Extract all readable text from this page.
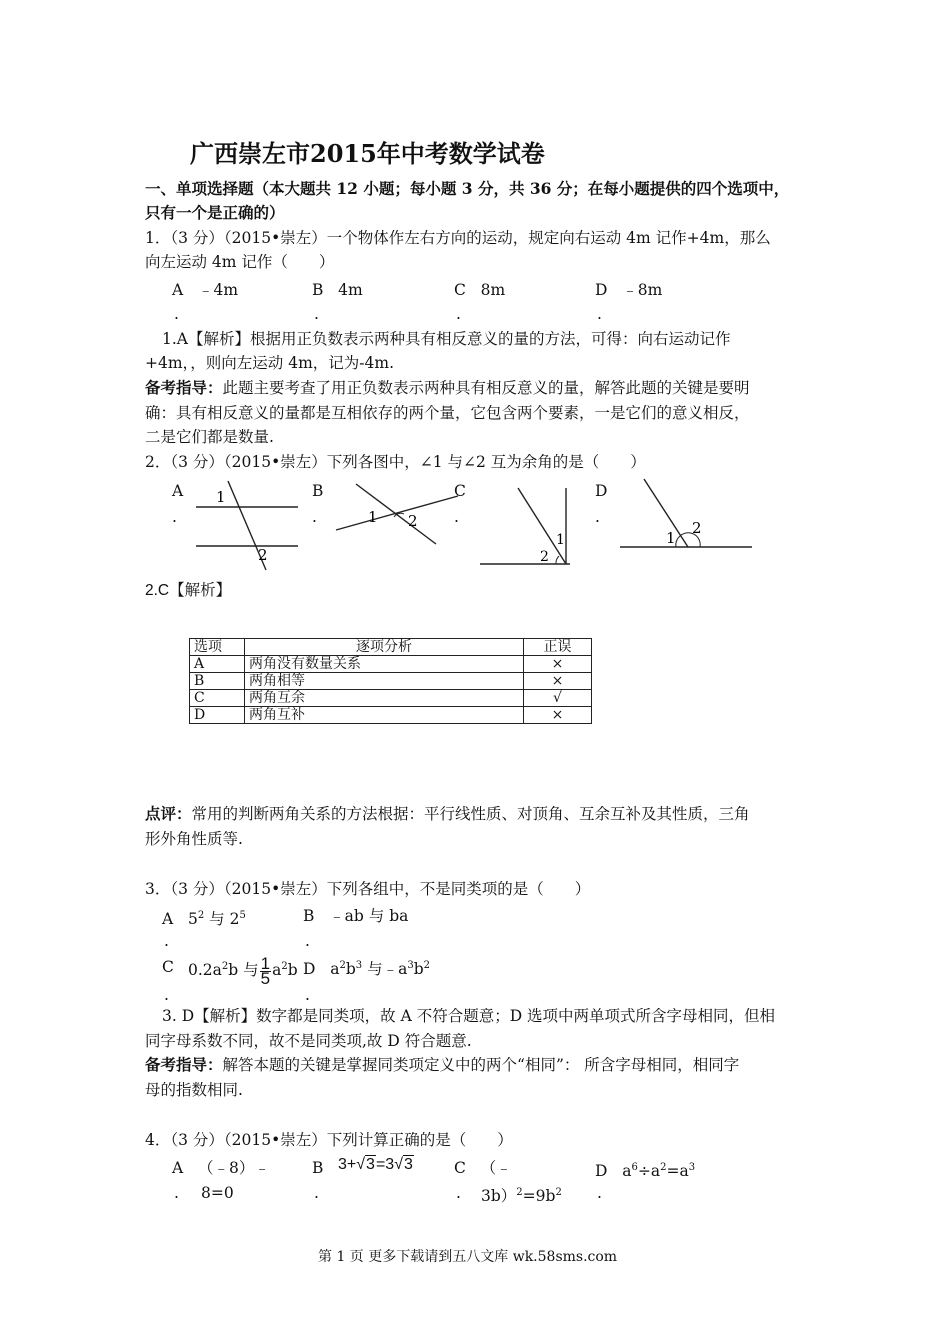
广西崇左市2015年中考数学试卷
一、单项选择题（本大题共 12 小题；每小题 3 分，共 36 分；在每小题提供的四个选项中，
只有一个是正确的）
1．（3 分）（2015•崇左）一个物体作左右方向的运动，规定向右运动 4m 记作+4m，那么
向左运动 4m 记作（　　）
A ﹣4m	B 4m	C 8m	D ﹣8m
.	.	.	.
1.A【解析】根据用正负数表示两种具有相反意义的量的方法，可得：向右运动记作
+4m，，则向左运动 4m，记为-4m.
备考指导：此题主要考查了用正负数表示两种具有相反意义的量，解答此题的关键是要明
确：具有相反意义的量都是互相依存的两个量，它包含两个要素，一是它们的意义相反，
二是它们都是数量.
2．（3 分）（2015•崇左）下列各图中，∠1 与∠2 互为余角的是（　　）
A
.
B
.
C
.
D
.
1
2
1 2
1
2
1
2
2.C【解析】
选项	逐项分析	正误
A	两角没有数量关系	×
B	两角相等	×
C	两角互余	√
D	两角互补	×
点评：常用的判断两角关系的方法根据：平行线性质、对顶角、互余互补及其性质，三角
形外角性质等.
3．（3 分）（2015•崇左）下列各组中，不是同类项的是（　　）
A $5^2$ 与 $2^5$	B ﹣ab 与 ba
.	.
C $0.2a^2b$ 与 $\frac{1}{5} a^2b$ D $a^2b^3$ 与$﹣a^3b^2$
.	.
3. D【解析】数字都是同类项，故 A 不符合题意；D 选项中两单项式所含字母相同，但相
同字母系数不同，故不是同类项,故 D 符合题意.
备考指导：解答本题的关键是掌握同类项定义中的两个“相同”： 所含字母相同，相同字
母的指数相同.
4．（3 分）（2015•崇左）下列计算正确的是（　　）
A （﹣8）﹣
. 8=0
B 3+√3=3√3
.
C （﹣
. $3b)^2=9b^2$
D $a^6\div a^2=a^3$
.
第 1 页 更多下载请到五八文库 wk.58sms.com
